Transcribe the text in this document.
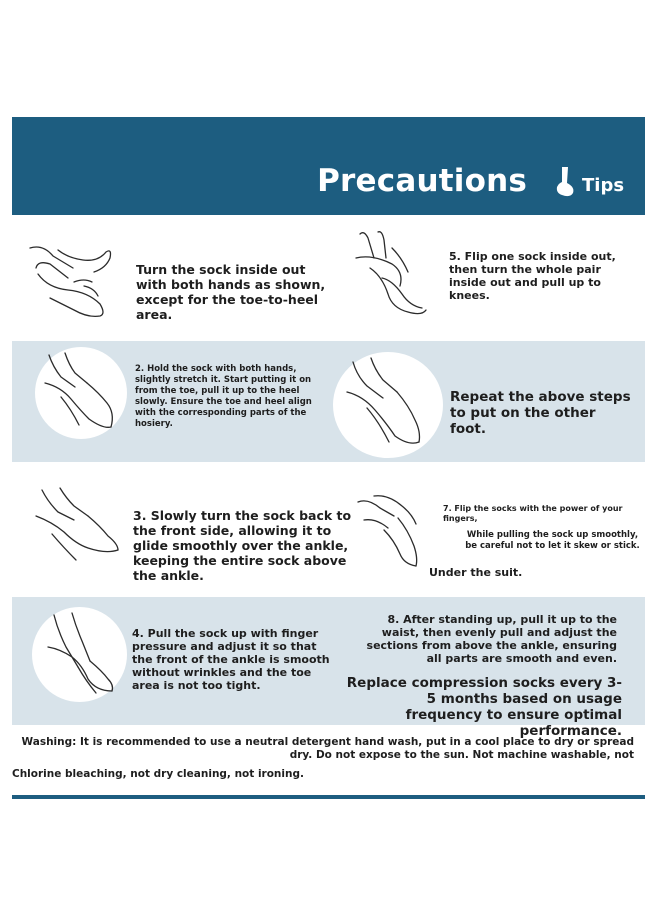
Precautions	Tips
Turn the sock inside out with both hands as shown, except for the toe-to-heel area.
5. Flip one sock inside out, then turn the whole pair inside out and pull up to knees.
2. Hold the sock with both hands, slightly stretch it. Start putting it on from the toe, pull it up to the heel slowly. Ensure the toe and heel align with the corresponding parts of the hosiery.
Repeat the above steps to put on the other foot.
3. Slowly turn the sock back to the front side, allowing it to glide smoothly over the ankle, keeping the entire sock above the ankle.
7. Flip the socks with the power of your fingers,
While pulling the sock up smoothly, be careful not to let it skew or stick.
Under the suit.
4. Pull the sock up with finger pressure and adjust it so that the front of the ankle is smooth without wrinkles and the toe area is not too tight.
8. After standing up, pull it up to the waist, then evenly pull and adjust the sections from above the ankle, ensuring all parts are smooth and even.
Replace compression socks every 3-5 months based on usage frequency to ensure optimal performance.
Washing: It is recommended to use a neutral detergent hand wash, put in a cool place to dry or spread dry. Do not expose to the sun. Not machine washable, not
Chlorine bleaching, not dry cleaning, not ironing.
